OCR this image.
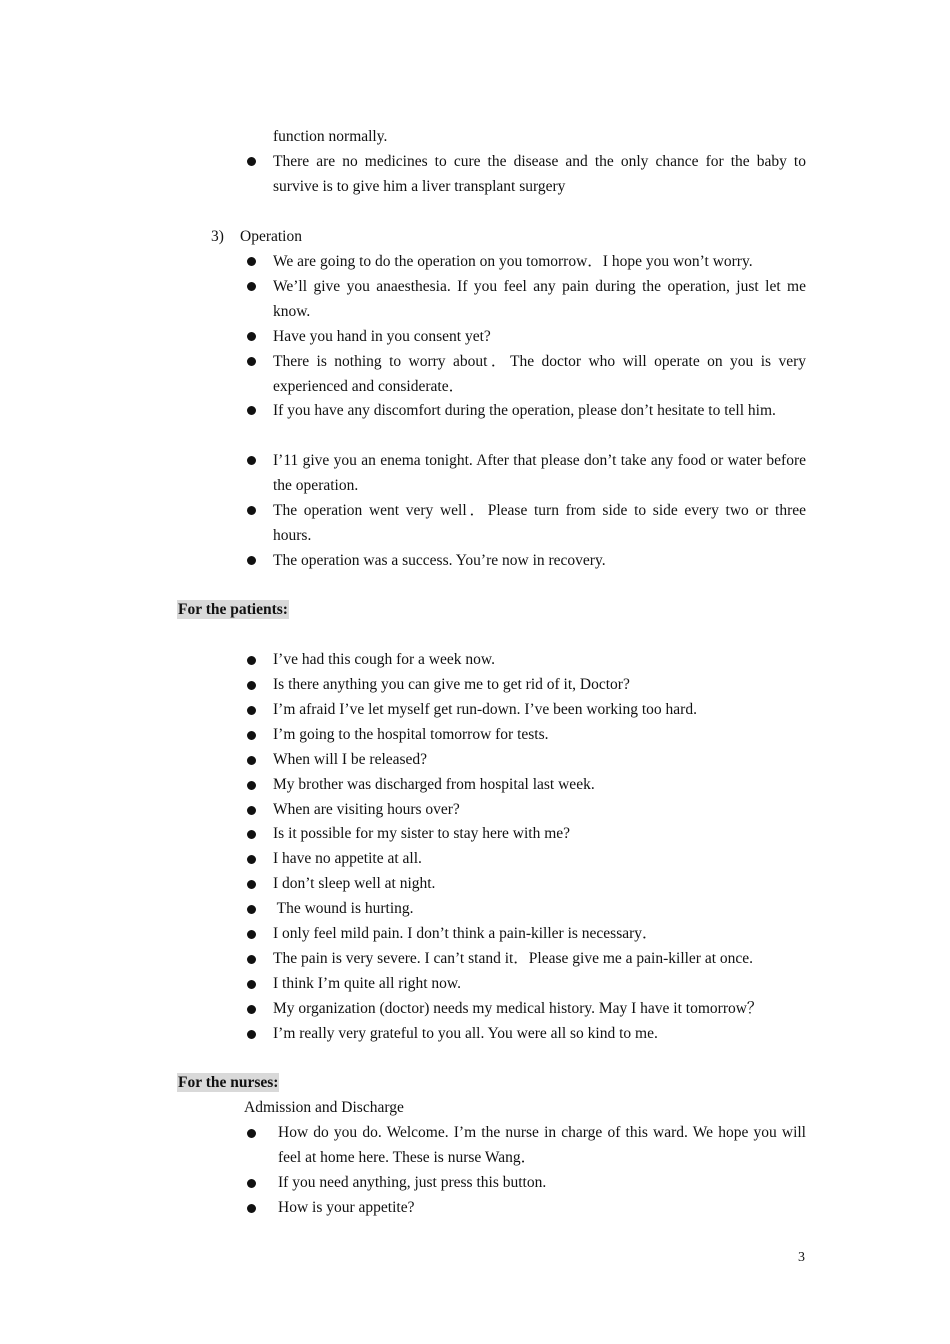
function normally.
There are no medicines to cure the disease and the only chance for the baby to survive is to give him a liver transplant surgery
3) Operation
We are going to do the operation on you tomorrow．I hope you won’t worry.
We’ll give you anaesthesia. If you feel any pain during the operation, just let me know.
Have you hand in you consent yet?
There is nothing to worry about．The doctor who will operate on you is very experienced and considerate．
If you have any discomfort during the operation, please don’t hesitate to tell him.
I’11 give you an enema tonight. After that please don’t take any food or water before the operation.
The operation went very well．Please turn from side to side every two or three hours.
The operation was a success. You’re now in recovery.
For the patients:
I’ve had this cough for a week now.
Is there anything you can give me to get rid of it, Doctor?
I’m afraid I’ve let myself get run-down. I’ve been working too hard.
I’m going to the hospital tomorrow for tests.
When will I be released?
My brother was discharged from hospital last week.
When are visiting hours over?
Is it possible for my sister to stay here with me?
I have no appetite at all.
I don’t sleep well at night.
The wound is hurting.
I only feel mild pain. I don’t think a pain-killer is necessary．
The pain is very severe. I can’t stand it．Please give me a pain-killer at once.
I think I’m quite all right now.
My organization (doctor) needs my medical history. May I have it tomorrow？
I’m really very grateful to you all. You were all so kind to me.
For the nurses:
Admission and Discharge
How do you do. Welcome. I’m the nurse in charge of this ward. We hope you will feel at home here. These is nurse Wang．
If you need anything, just press this button.
How is your appetite?
3
